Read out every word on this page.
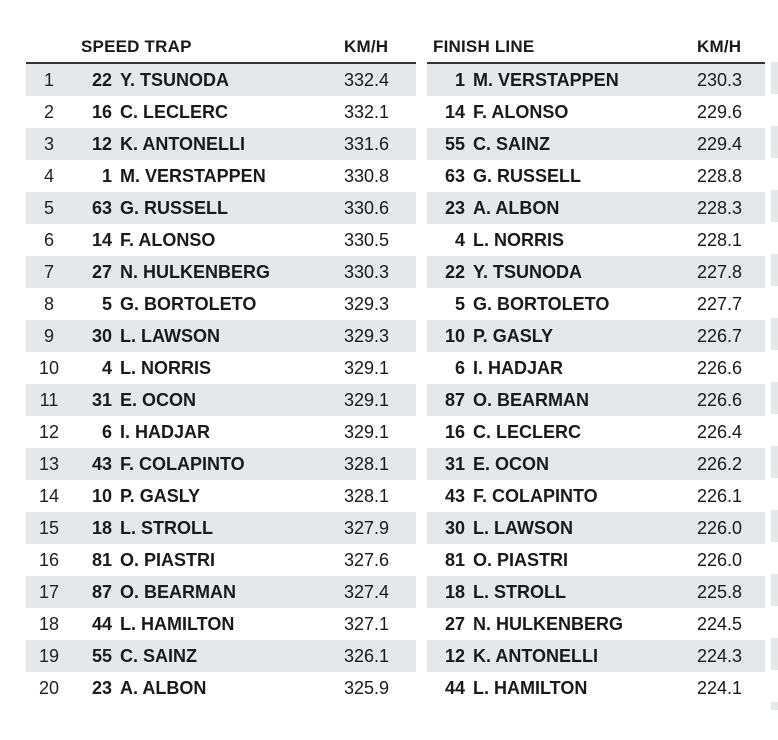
SPEED TRAP	KM/H
1	22 Y. TSUNODA	332.4
2	16 C. LECLERC	332.1
3	12 K. ANTONELLI	331.6
4	1 M. VERSTAPPEN	330.8
5	63 G. RUSSELL	330.6
6	14 F. ALONSO	330.5
7	27 N. HULKENBERG	330.3
8	5 G. BORTOLETO	329.3
9	30 L. LAWSON	329.3
10	4 L. NORRIS	329.1
11	31 E. OCON	329.1
12	6 I. HADJAR	329.1
13	43 F. COLAPINTO	328.1
14	10 P. GASLY	328.1
15	18 L. STROLL	327.9
16	81 O. PIASTRI	327.6
17	87 O. BEARMAN	327.4
18	44 L. HAMILTON	327.1
19	55 C. SAINZ	326.1
20	23 A. ALBON	325.9
FINISH LINE	KM/H
1 M. VERSTAPPEN	230.3
14 F. ALONSO	229.6
55 C. SAINZ	229.4
63 G. RUSSELL	228.8
23 A. ALBON	228.3
4 L. NORRIS	228.1
22 Y. TSUNODA	227.8
5 G. BORTOLETO	227.7
10 P. GASLY	226.7
6 I. HADJAR	226.6
87 O. BEARMAN	226.6
16 C. LECLERC	226.4
31 E. OCON	226.2
43 F. COLAPINTO	226.1
30 L. LAWSON	226.0
81 O. PIASTRI	226.0
18 L. STROLL	225.8
27 N. HULKENBERG	224.5
12 K. ANTONELLI	224.3
44 L. HAMILTON	224.1
